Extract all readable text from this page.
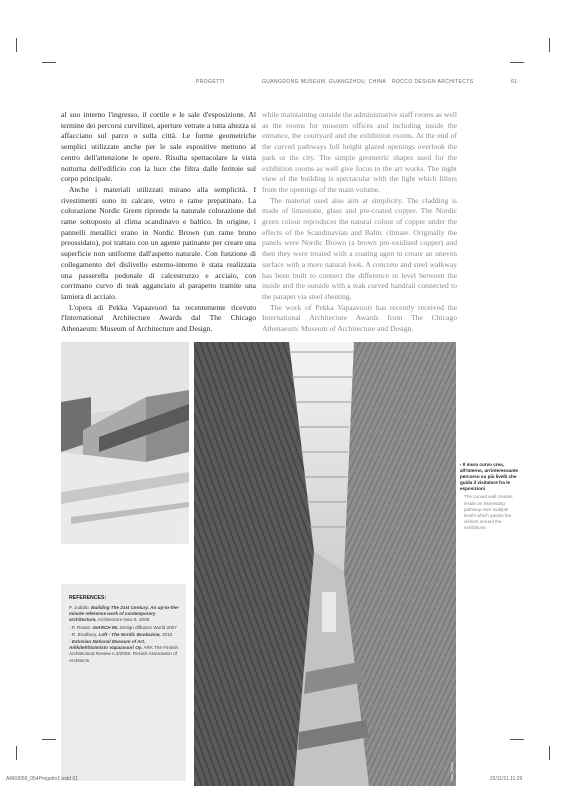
PROGETTI	GUANGDONG MUSEUM, GUANGZHOU, CHINA ROCCO DESIGN ARCHITECTS	61

al suo interno l'ingresso, il cortile e le sale d'esposizione. Al termine dei percorsi curvilinei, aperture vetrate a tutta altezza si affacciano sul parco o sulla città. Le forme geometriche semplici utilizzate anche per le sale espositive mettono al centro dell'attenzione le opere. Risulta spettacolare la vista notturna dell'edificio con la luce che filtra dalle feritoie sul corpo principale.

Anche i materiali utilizzati mirano alla semplicità. I rivestimenti sono in calcare, vetro e rame prepatinato. La colorazione Nordic Green riprende la naturale colorazione del rame sottoposto al clima scandinavo e baltico. In origine, i pannelli metallici erano in Nordic Brown (un rame bruno preossidato), poi trattato con un agente patinante per creare una superficie non uniforme dall'aspetto naturale. Con funzione di collegamento del dislivello esterno-interno è stata realizzata una passerella pedonale di calcestruzzo e acciaio, con corrimano curvo di teak agganciato al parapetto tramite una lamiera di acciaio.

L'opera di Pekka Vapaavuori ha recentemente ricevuto l'International Architecture Awards dal The Chicago Athenaeum: Museum of Architecture and Design.

while maintaining outside the administrative staff rooms as well as the rooms for museum offices and including inside the entrance, the courtyard and the exhibition rooms. At the end of the curved pathways full height glazed openings overlook the park or the city. The simple geometric shapes used for the exhibition rooms as well give focus to the art works. The night view of the building is spectacular with the light which filters from the openings of the main volume.

The material used also aim at simplicity. The cladding is made of limestone, glass and pre-coated copper. The Nordic green colour reproduces the natural colour of copper under the effects of the Scandinavian and Baltic climate. Originally the panels were Nordic Brown (a brown pre-oxidised copper) and then they were treated with a coating agen to create an uneven surface with a more natural look. A concrete and steel walkway has been built to connect the difference in level between the inside and the outside with a teak curved handrail connected to the parapet via steel sheeting.

The work of Pekka Vapaavuori has recently received the International Architecture Awards from The Chicago Athenaeum: Museum of Architecture and Design.

Jussi Tiainen
Jussi Tiainen
REFERENCES:
P. Jodidio, Building The 21st Century. An up-to-the-minute reference work of contemporary architecture, Architecture Now 6, 2008
- P. Rosati. GIARCH 96. Design diffusion World 2007
- R. Bradbury, Loft - The Nordic Bookazine, 2010
- Estonian National Museum of Art. Arkkitehtitoimisto Vapaavuori Oy. ARK The Finnish Architectural Review n.3/2006. Finnish Association of Architects
‹ Il muro curvo crea, all'interno, un'interessante percorso su più livelli che guida il visitatore fra le esposizioni
The curved wall creates inside an interesting pathway over multiple levels which guides the visitors around the exhibitions
ARK0659_054Progetto1.indd 61	22/11/11 11:29
